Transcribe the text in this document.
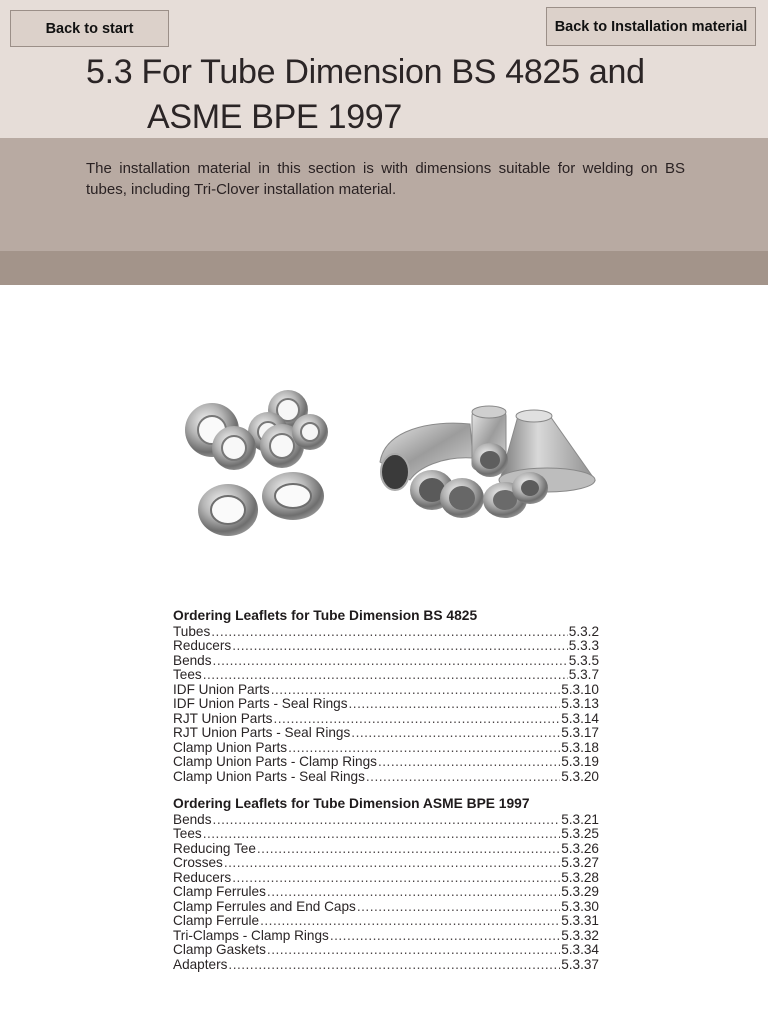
Back to start	Back to Installation material
5.3 For Tube Dimension BS 4825 and
ASME BPE 1997

The installation material in this section is with dimensions suitable for welding on BS tubes, including Tri-Clover installation material.

Ordering Leaflets for Tube Dimension BS 4825
Tubes .....	5.3.2
Reducers .....	5.3.3
Bends .....	5.3.5
Tees .....	5.3.7
IDF Union Parts .....	5.3.10
IDF Union Parts - Seal Rings .....	5.3.13
RJT Union Parts .....	5.3.14
RJT Union Parts - Seal Rings .....	5.3.17
Clamp Union Parts .....	5.3.18
Clamp Union Parts - Clamp Rings .....	5.3.19
Clamp Union Parts - Seal Rings .....	5.3.20
Ordering Leaflets for Tube Dimension ASME BPE 1997
Bends .....	5.3.21
Tees .....	5.3.25
Reducing Tee .....	5.3.26
Crosses .....	5.3.27
Reducers .....	5.3.28
Clamp Ferrules .....	5.3.29
Clamp Ferrules and End Caps .....	5.3.30
Clamp Ferrule .....	5.3.31
Tri-Clamps - Clamp Rings .....	5.3.32
Clamp Gaskets .....	5.3.34
Adapters .....	5.3.37
